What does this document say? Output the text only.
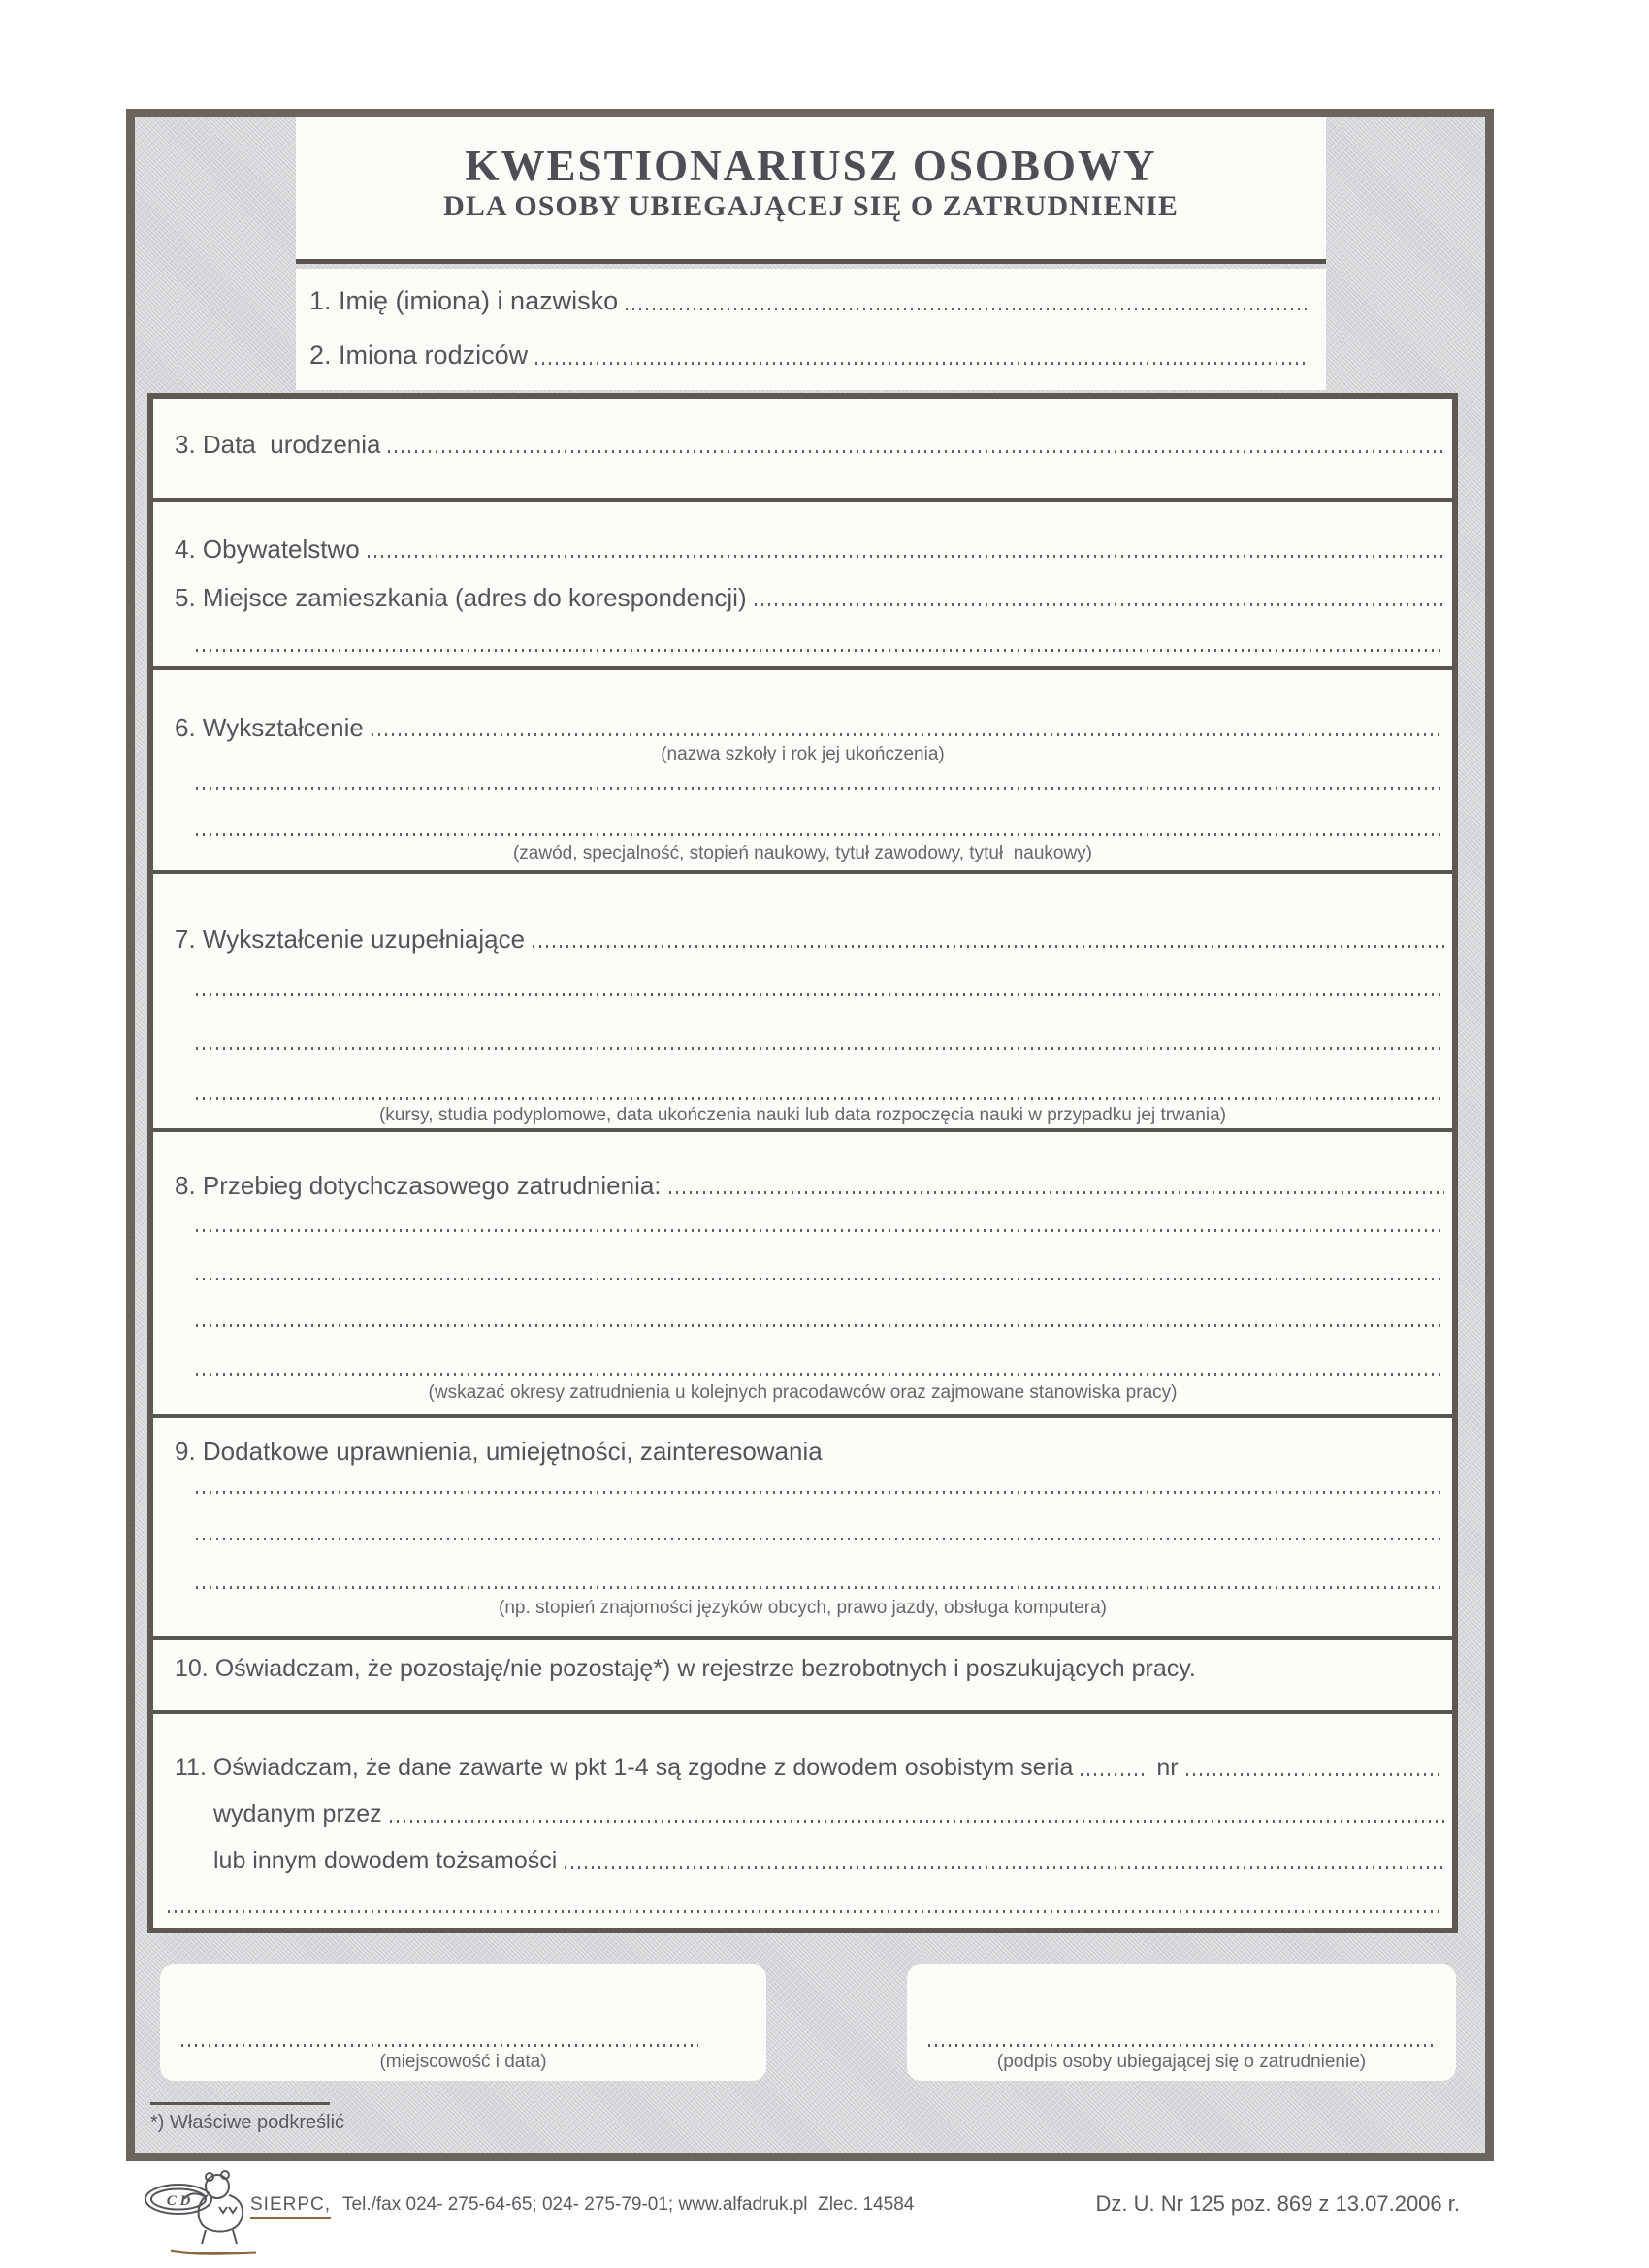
KWESTIONARIUSZ OSOBOWY
DLA OSOBY UBIEGAJĄCEJ SIĘ O ZATRUDNIENIE
1. Imię (imiona) i nazwisko
2. Imiona rodziców
3. Data  urodzenia
4. Obywatelstwo
5. Miejsce zamieszkania (adres do korespondencji)
6. Wykształcenie
(nazwa szkoły i rok jej ukończenia)
(zawód, specjalność, stopień naukowy, tytuł zawodowy, tytuł  naukowy)
7. Wykształcenie uzupełniające
(kursy, studia podyplomowe, data ukończenia nauki lub data rozpoczęcia nauki w przypadku jej trwania)
8. Przebieg dotychczasowego zatrudnienia:
(wskazać okresy zatrudnienia u kolejnych pracodawców oraz zajmowane stanowiska pracy)
9. Dodatkowe uprawnienia, umiejętności, zainteresowania
(np. stopień znajomości języków obcych, prawo jazdy, obsługa komputera)
10. Oświadczam, że pozostaję/nie pozostaję*) w rejestrze bezrobotnych i poszukujących pracy.
11. Oświadczam, że dane zawarte w pkt 1-4 są zgodne z dowodem osobistym seria	nr
wydanym przez
lub innym dowodem tożsamości
(miejscowość i data)	(podpis osoby ubiegającej się o zatrudnienie)
*) Właściwe podkreślić
C D	SIERPC, Tel./fax 024- 275-64-65; 024- 275-79-01; www.alfadruk.pl  Zlec. 14584	Dz. U. Nr 125 poz. 869 z 13.07.2006 r.
